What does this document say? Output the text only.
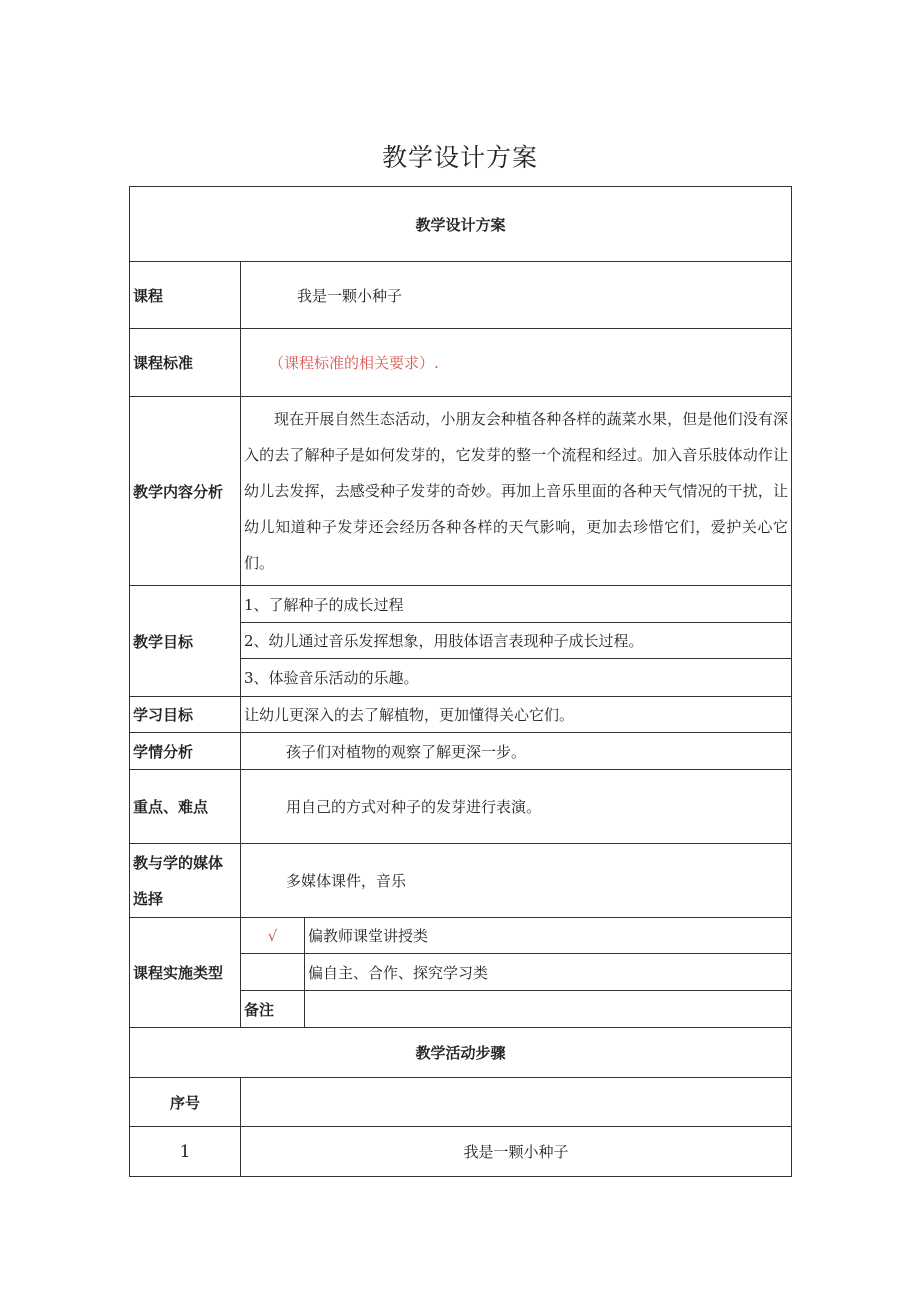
教学设计方案
教学设计方案		
课程	我是一颗小种子	
课程标准	（课程标准的相关要求）.	
教学内容分析	现在开展自然生态活动，小朋友会种植各种各样的蔬菜水果，但是他们没有深入的去了解种子是如何发芽的，它发芽的整一个流程和经过。加入音乐肢体动作让幼儿去发挥，去感受种子发芽的奇妙。再加上音乐里面的各种天气情况的干扰，让幼儿知道种子发芽还会经历各种各样的天气影响，更加去珍惜它们，爱护关心它们。	
教学目标	1、了解种子的成长过程	
	2、幼儿通过音乐发挥想象，用肢体语言表现种子成长过程。	
	3、体验音乐活动的乐趣。	
学习目标	让幼儿更深入的去了解植物，更加懂得关心它们。	
学情分析	孩子们对植物的观察了解更深一步。	
重点、难点	用自己的方式对种子的发芽进行表演。	
教与学的媒体选择	多媒体课件，音乐	
课程实施类型	√	偏教师课堂讲授类
		偏自主、合作、探究学习类
	备注	
教学活动步骤		
序号		
1	我是一颗小种子	
